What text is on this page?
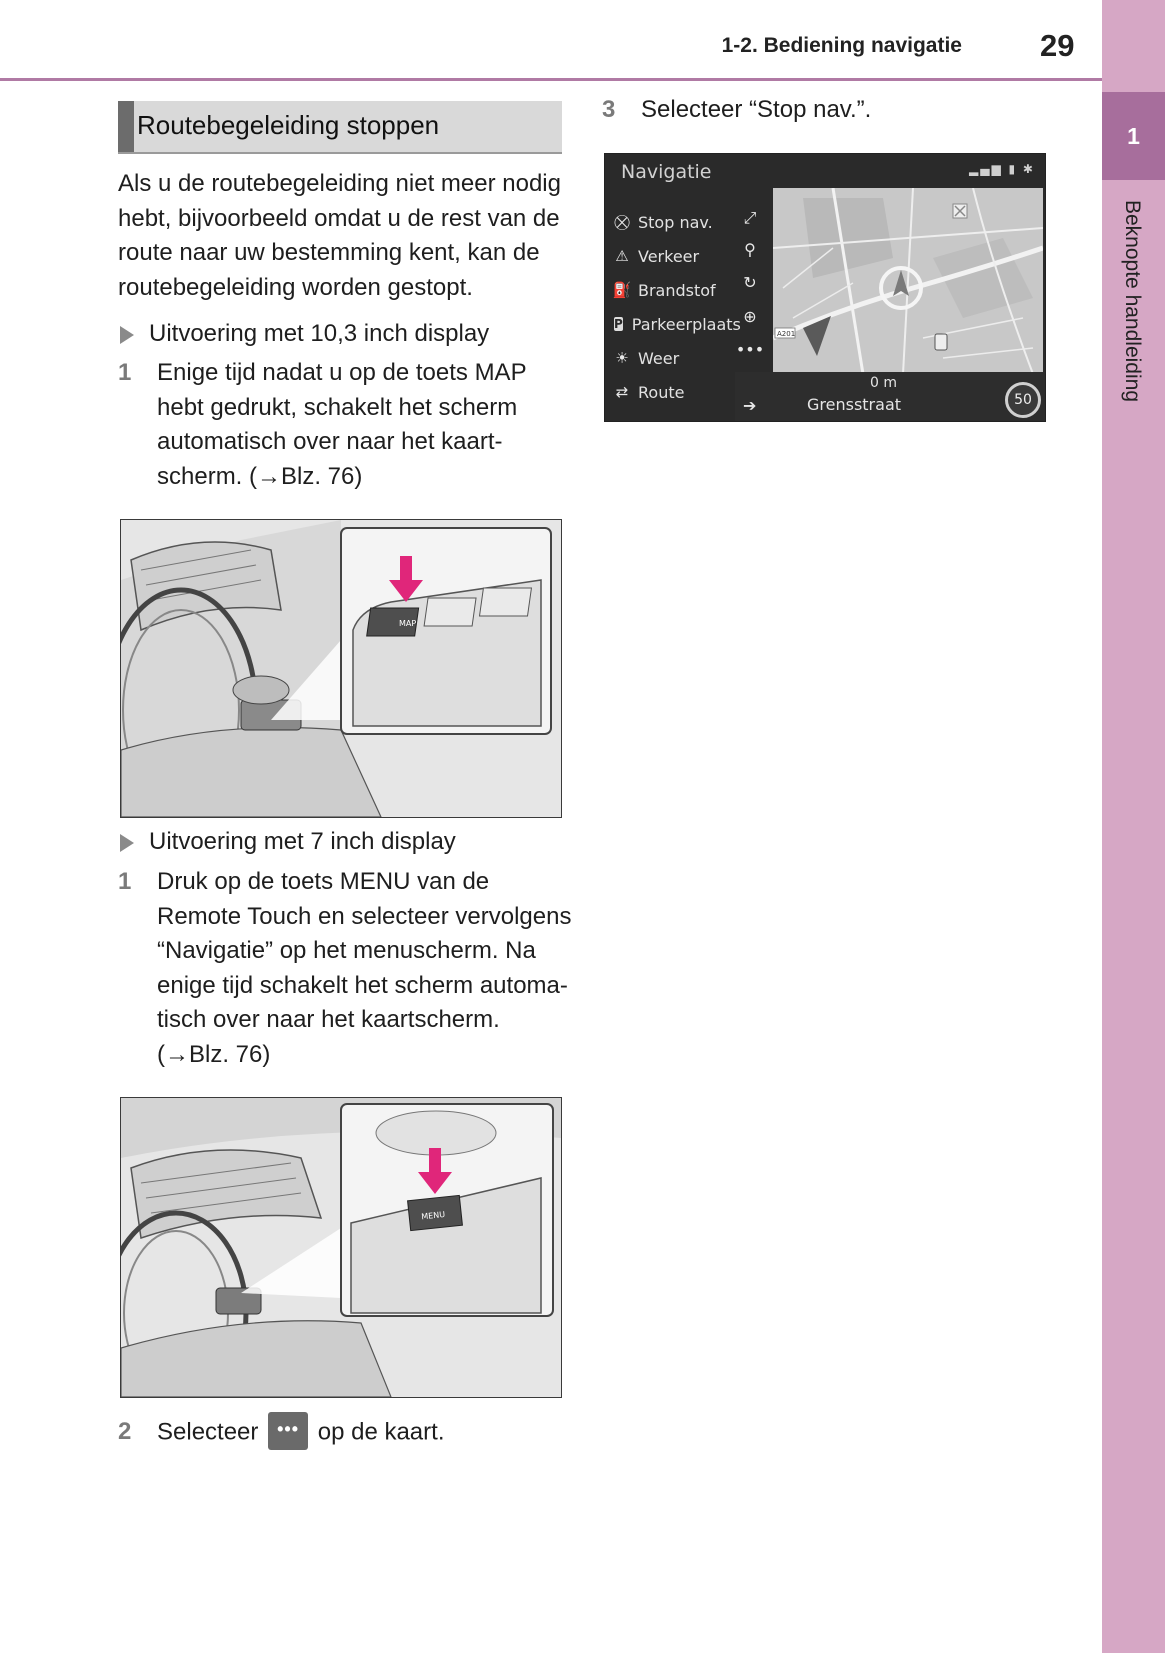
1-2. Bediening navigatie	29
1
Beknopte handleiding
Routebegeleiding stoppen
Als u de routebegeleiding niet meer nodig
hebt, bijvoorbeeld omdat u de rest van de
route naar uw bestemming kent, kan de
routebegeleiding worden gestopt.
Uitvoering met 10,3 inch display
1 Enige tijd nadat u op de toets MAP
hebt gedrukt, schakelt het scherm
automatisch over naar het kaart-
scherm. (→Blz. 76)
MAP
Uitvoering met 7 inch display
1 Druk op de toets MENU van de
Remote Touch en selecteer vervolgens
“Navigatie” op het menuscherm. Na
enige tijd schakelt het scherm automa-
tisch over naar het kaartscherm.
(→Blz. 76)
MENU
2 Selecteer ••• op de kaart.
3 Selecteer “Stop nav.”.
Navigatie	▂▄▆ ▮ ✱
⛒ Stop nav.
⚠ Verkeer
⛽ Brandstof
P Parkeerplaats
☀ Weer
⇄ Route
⤢
⚲
↻
⊕
•••
A201
➔
0 m
Grensstraat	50
